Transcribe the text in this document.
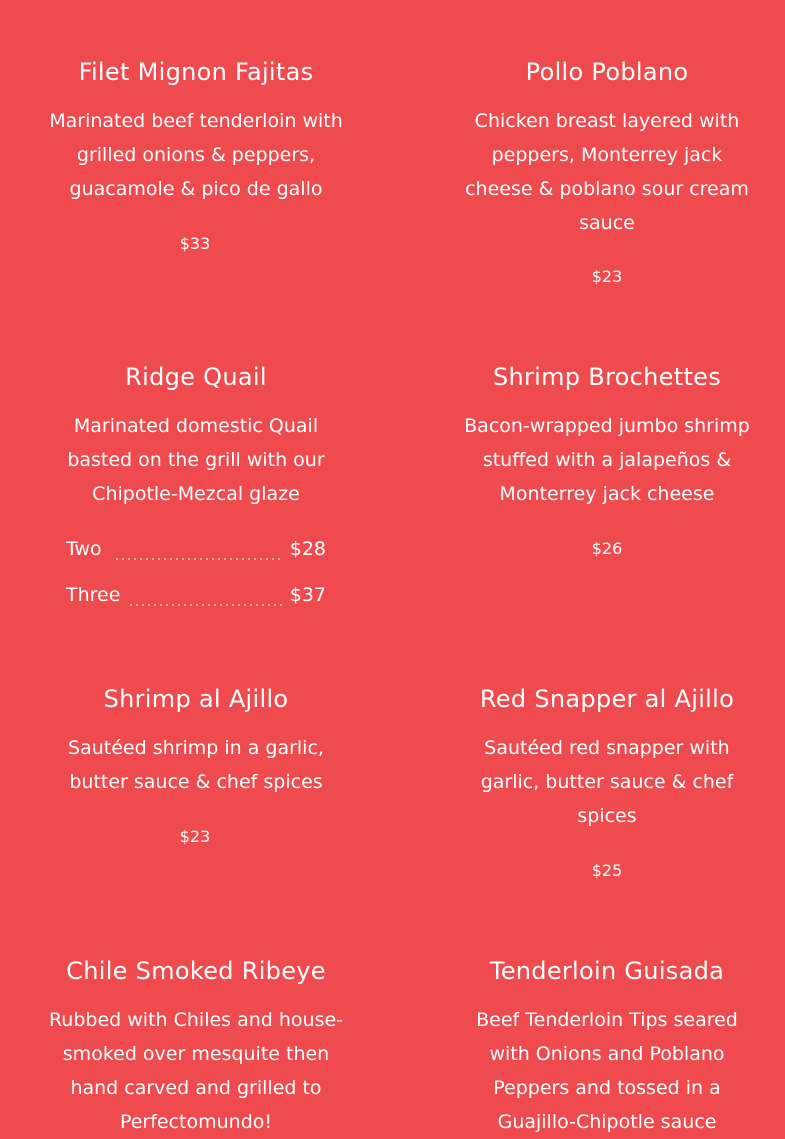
Filet Mignon Fajitas

Marinated beef tenderloin with grilled onions & peppers, guacamole & pico de gallo

$33
Pollo Poblano

Chicken breast layered with peppers, Monterrey jack cheese & poblano sour cream sauce

$23
Ridge Quail

Marinated domestic Quail basted on the grill with our Chipotle-Mezcal glaze

Two	$28
Three	$37
Shrimp Brochettes

Bacon-wrapped jumbo shrimp stuffed with a jalapeños & Monterrey jack cheese

$26
Shrimp al Ajillo

Sautéed shrimp in a garlic, butter sauce & chef spices

$23
Red Snapper al Ajillo

Sautéed red snapper with garlic, butter sauce & chef spices

$25
Chile Smoked Ribeye

Rubbed with Chiles and house-smoked over mesquite then hand carved and grilled to Perfectomundo!

Tenderloin Guisada

Beef Tenderloin Tips seared with Onions and Poblano Peppers and tossed in a Guajillo-Chipotle sauce
